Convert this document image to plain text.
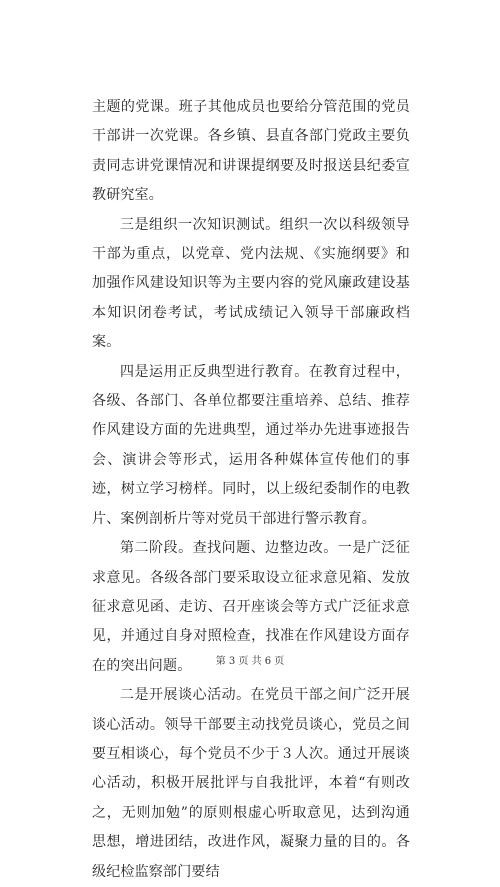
主题的党课。班子其他成员也要给分管范围的党员干部讲一次党课。各乡镇、县直各部门党政主要负责同志讲党课情况和讲课提纲要及时报送县纪委宣教研究室。

三是组织一次知识测试。组织一次以科级领导干部为重点，以党章、党内法规、《实施纲要》和加强作风建设知识等为主要内容的党风廉政建设基本知识闭卷考试，考试成绩记入领导干部廉政档案。

四是运用正反典型进行教育。在教育过程中，各级、各部门、各单位都要注重培养、总结、推荐作风建设方面的先进典型，通过举办先进事迹报告会、演讲会等形式，运用各种媒体宣传他们的事迹，树立学习榜样。同时，以上级纪委制作的电教片、案例剖析片等对党员干部进行警示教育。

第二阶段。查找问题、边整边改。一是广泛征求意见。各级各部门要采取设立征求意见箱、发放征求意见函、走访、召开座谈会等方式广泛征求意见，并通过自身对照检查，找准在作风建设方面存在的突出问题。

二是开展谈心活动。在党员干部之间广泛开展谈心活动。领导干部要主动找党员谈心，党员之间要互相谈心，每个党员不少于３人次。通过开展谈心活动，积极开展批评与自我批评，本着“有则改之，无则加勉”的原则根虚心听取意见，达到沟通思想，增进团结，改进作风，凝聚力量的目的。各级纪检监察部门要结

第 3 页 共 6 页
